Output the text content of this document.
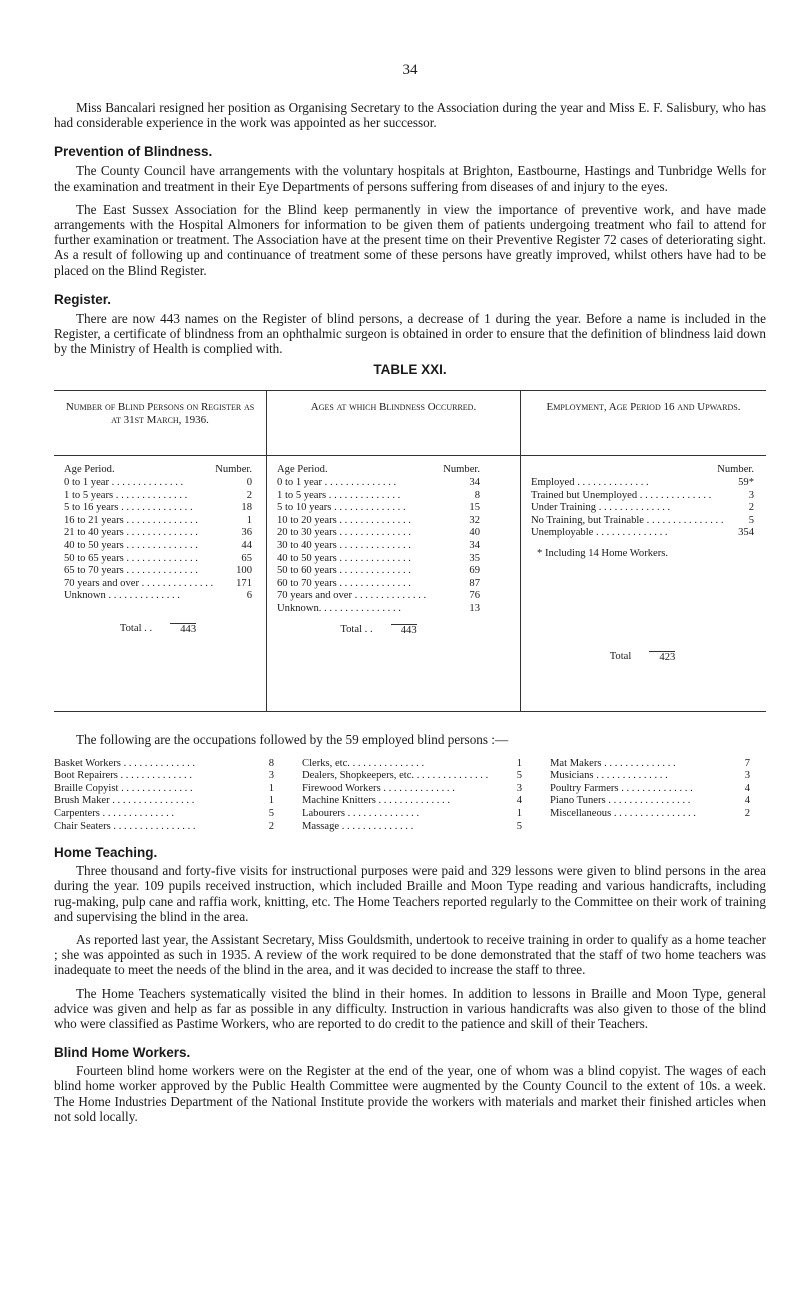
34

Miss Bancalari resigned her position as Organising Secretary to the Association during the year and Miss E. F. Salisbury, who has had considerable experience in the work was appointed as her successor.

Prevention of Blindness.

The County Council have arrangements with the voluntary hospitals at Brighton, Eastbourne, Hastings and Tunbridge Wells for the examination and treatment in their Eye Departments of persons suffering from diseases of and injury to the eyes.

The East Sussex Association for the Blind keep permanently in view the importance of preventive work, and have made arrangements with the Hospital Almoners for information to be given them of patients undergoing treatment who fail to attend for further examination or treatment. The Association have at the present time on their Preventive Register 72 cases of deteriorating sight. As a result of following up and continuance of treatment some of these persons have greatly improved, whilst others have had to be placed on the Blind Register.

Register.

There are now 443 names on the Register of blind persons, a decrease of 1 during the year. Before a name is included in the Register, a certificate of blindness from an ophthalmic surgeon is obtained in order to ensure that the definition of blindness laid down by the Ministry of Health is complied with.

TABLE XXI.
Number of Blind Persons on Register as at 31st March, 1936.
Age Period.	Number.
0 to 1 year . .	0
1 to 5 years . .	2
5 to 16 years . .	18
16 to 21 years . .	1
21 to 40 years . .	36
40 to 50 years . .	44
50 to 65 years . .	65
65 to 70 years . .	100
70 years and over . .	171
Unknown . .	6
Total . .	443
Ages at which Blindness Occurred.
Age Period.	Number.
0 to 1 year . .	34
1 to 5 years . .	8
5 to 10 years . .	15
10 to 20 years . .	32
20 to 30 years . .	40
30 to 40 years . .	34
40 to 50 years . .	35
50 to 60 years . .	69
60 to 70 years . .	87
70 years and over . .	76
Unknown. . . .	13
Total . .	443
Employment, Age Period 16 and Upwards.
Number.
Employed . .	59*
Trained but Unemployed . .	3
Under Training . .	2
No Training, but Trainable . . . .	5
Unemployable . .	354
* Including 14 Home Workers.
Total	423

The following are the occupations followed by the 59 employed blind persons :—

Basket Workers . .	8
Boot Repairers . .	3
Braille Copyist . .	1
Brush Maker . . . .	1
Carpenters . .	5
Chair Seaters . . . .	2
Clerks, etc. . .	1
Dealers, Shopkeepers, etc. . .	5
Firewood Workers . .	3
Machine Knitters . .	4
Labourers . .	1
Massage . .	5
Mat Makers . .	7
Musicians . .	3
Poultry Farmers . .	4
Piano Tuners . . . .	4
Miscellaneous . . . .	2
Home Teaching.

Three thousand and forty-five visits for instructional purposes were paid and 329 lessons were given to blind persons in the area during the year. 109 pupils received instruction, which included Braille and Moon Type reading and various handicrafts, including rug-making, pulp cane and raffia work, knitting, etc. The Home Teachers reported regularly to the Committee on their work of training and supervising the blind in the area.

As reported last year, the Assistant Secretary, Miss Gouldsmith, undertook to receive training in order to qualify as a home teacher ; she was appointed as such in 1935. A review of the work required to be done demonstrated that the staff of two home teachers was inadequate to meet the needs of the blind in the area, and it was decided to increase the staff to three.

The Home Teachers systematically visited the blind in their homes. In addition to lessons in Braille and Moon Type, general advice was given and help as far as possible in any difficulty. Instruction in various handicrafts was also given to those of the blind who were classified as Pastime Workers, who are reported to do credit to the patience and skill of their Teachers.

Blind Home Workers.

Fourteen blind home workers were on the Register at the end of the year, one of whom was a blind copyist. The wages of each blind home worker approved by the Public Health Committee were augmented by the County Council to the extent of 10s. a week. The Home Industries Department of the National Institute provide the workers with materials and market their finished articles when not sold locally.
